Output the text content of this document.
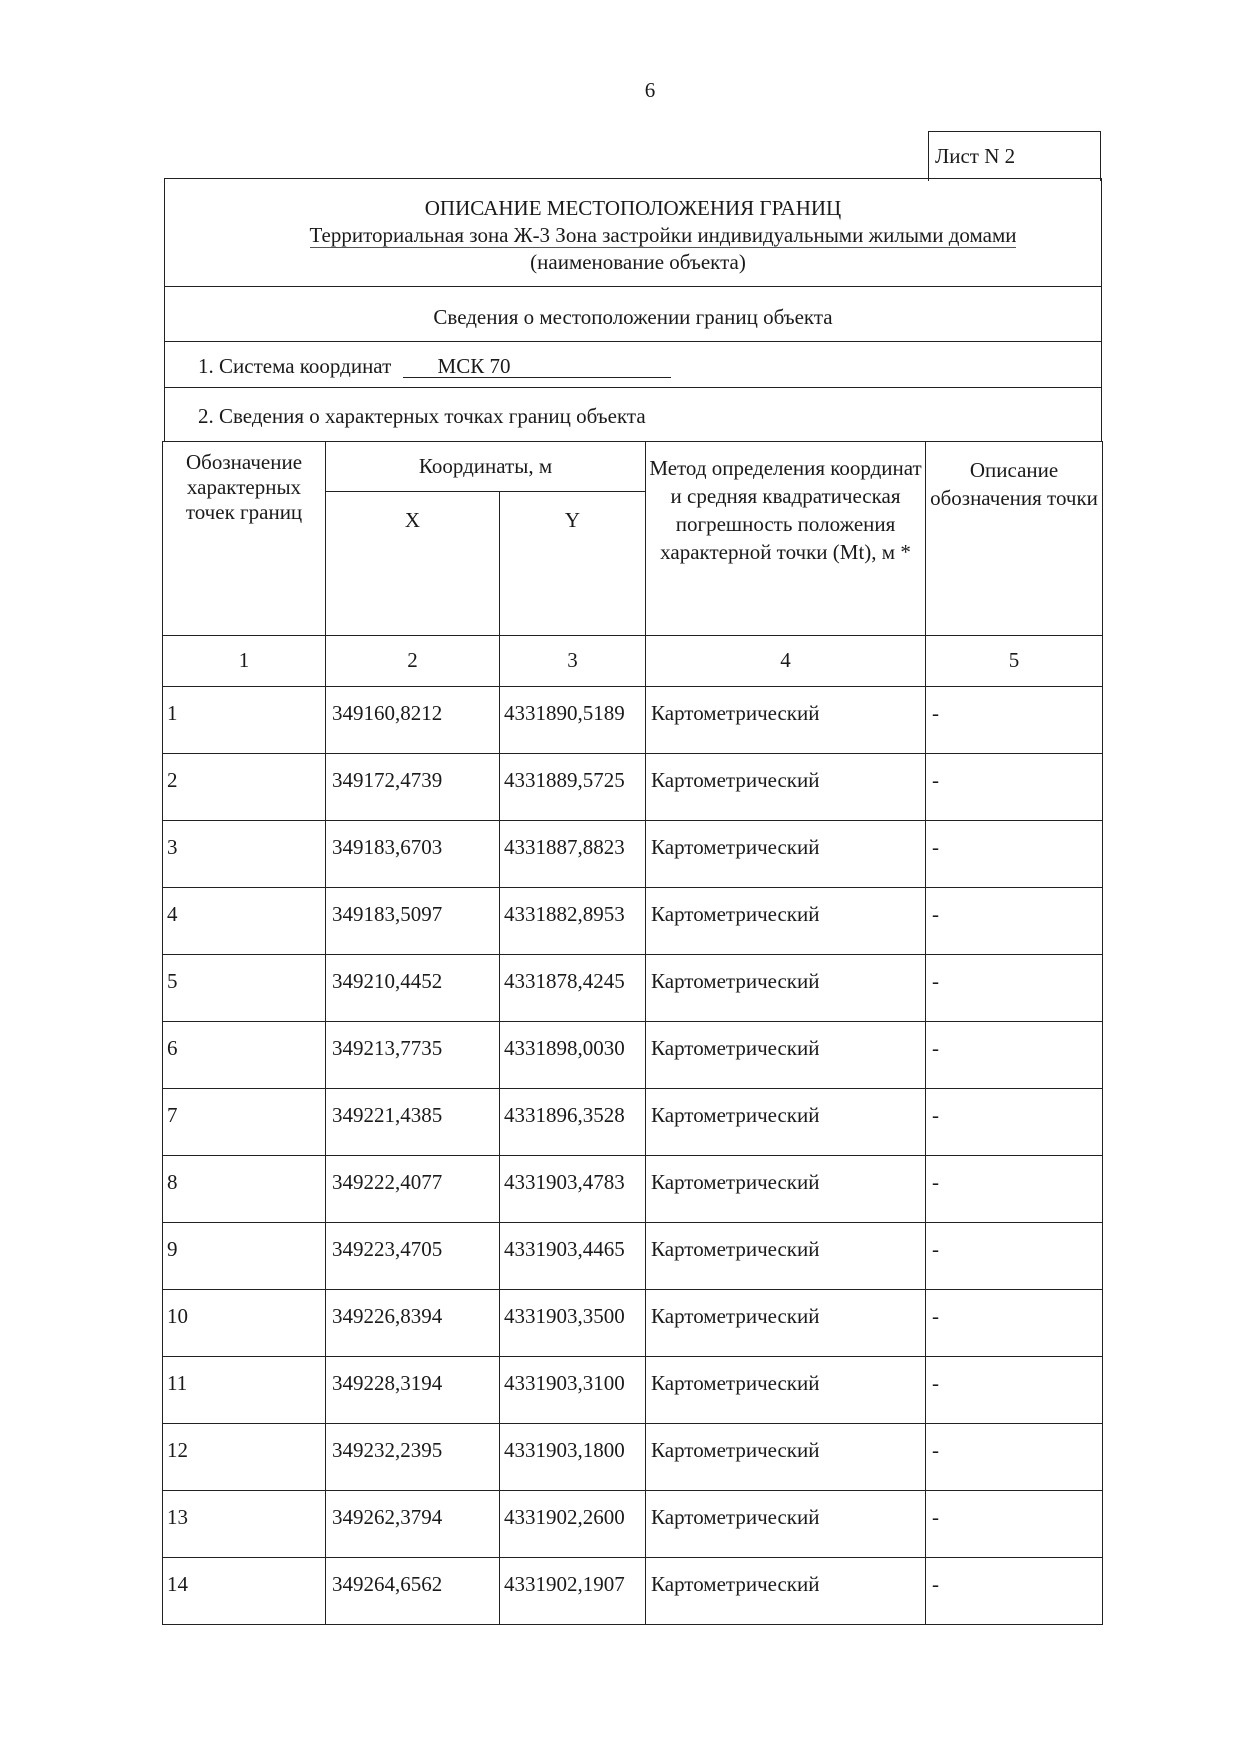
6
Лист N 2
ОПИСАНИЕ МЕСТОПОЛОЖЕНИЯ ГРАНИЦ
Территориальная зона Ж-3 Зона застройки индивидуальными жилыми домами
(наименование объекта)
Сведения о местоположении границ объекта
1. Система координат МСК 70
2. Сведения о характерных точках границ объекта
Обозначение характерных точек границ	Координаты, м		Метод определения координат и средняя квадратическая погрешность положения характерной точки (Mt), м *	Описание обозначения точки
	X	Y		
1	2	3	4	5
1	349160,8212	4331890,5189	Картометрический	-
2	349172,4739	4331889,5725	Картометрический	-
3	349183,6703	4331887,8823	Картометрический	-
4	349183,5097	4331882,8953	Картометрический	-
5	349210,4452	4331878,4245	Картометрический	-
6	349213,7735	4331898,0030	Картометрический	-
7	349221,4385	4331896,3528	Картометрический	-
8	349222,4077	4331903,4783	Картометрический	-
9	349223,4705	4331903,4465	Картометрический	-
10	349226,8394	4331903,3500	Картометрический	-
11	349228,3194	4331903,3100	Картометрический	-
12	349232,2395	4331903,1800	Картометрический	-
13	349262,3794	4331902,2600	Картометрический	-
14	349264,6562	4331902,1907	Картометрический	-
